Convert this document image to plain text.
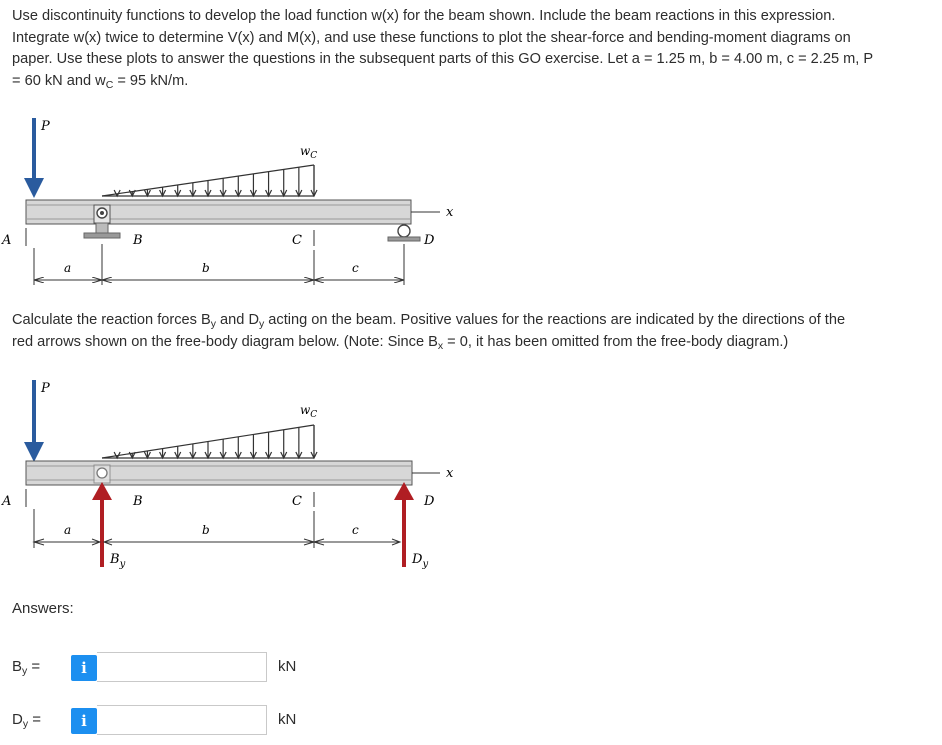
Use discontinuity functions to develop the load function w(x) for the beam shown. Include the beam reactions in this expression.
Integrate w(x) twice to determine V(x) and M(x), and use these functions to plot the shear-force and bending-moment diagrams on
paper. Use these plots to answer the questions in the subsequent parts of this GO exercise. Let a = 1.25 m, b = 4.00 m, c = 2.25 m, P
= 60 kN and $w_C = 95$ kN/m.
P
$w_C$
x
A	B	C	D
a	b	c
Calculate the reaction forces $B_y$ and $D_y$ acting on the beam. Positive values for the reactions are indicated by the directions of the
red arrows shown on the free-body diagram below. (Note: Since $B_x = 0$, it has been omitted from the free-body diagram.)
P
$w_C$
x
A	B	C	D
a	b	c
$B_y$	$D_y$
Answers:
$B_y$ =	i	kN
$D_y$ =	i	kN
